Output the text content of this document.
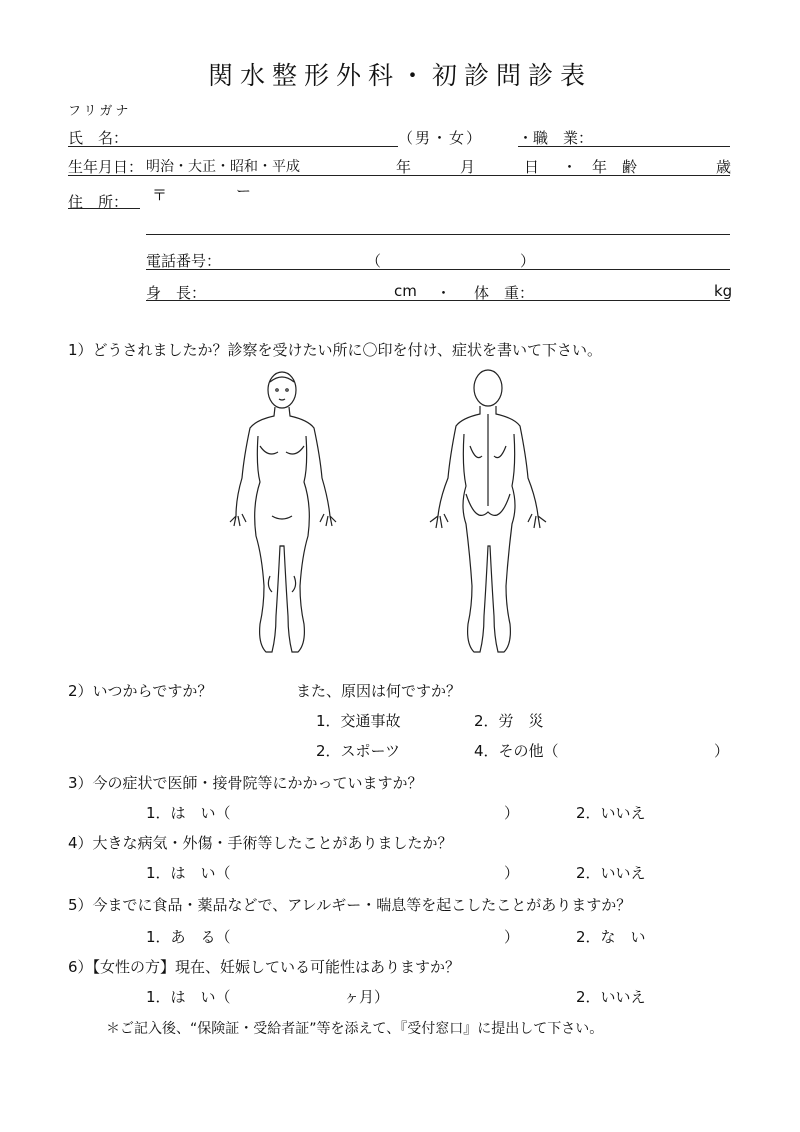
関水整形外科・初診問診表
フリガナ
氏　名：	（男・女） ・職　業：
生年月日： 明治・大正・昭和・平成	年	月	日 ・ 年　齢	歳
住　所： 〒	ー
電話番号：	（	）
身　長：	cm ・ 体　重：	kg
1）どうされましたか？診察を受けたい所に〇印を付け、症状を書いて下さい。
2）いつからですか？	また、原因は何ですか？
1．交通事故	2．労　災
2．スポーツ	4．その他（	）
3）今の症状で医師・接骨院等にかかっていますか？
1．は　い（	）	2．いいえ
4）大きな病気・外傷・手術等したことがありましたか？
1．は　い（	）	2．いいえ
5）今までに食品・薬品などで、アレルギー・喘息等を起こしたことがありますか？
1．あ　る（	）	2．な　い
6）【女性の方】現在、妊娠している可能性はありますか？
1．は　い（	ヶ月）	2．いいえ
＊ご記入後、“保険証・受給者証”等を添えて、『受付窓口』に提出して下さい。
